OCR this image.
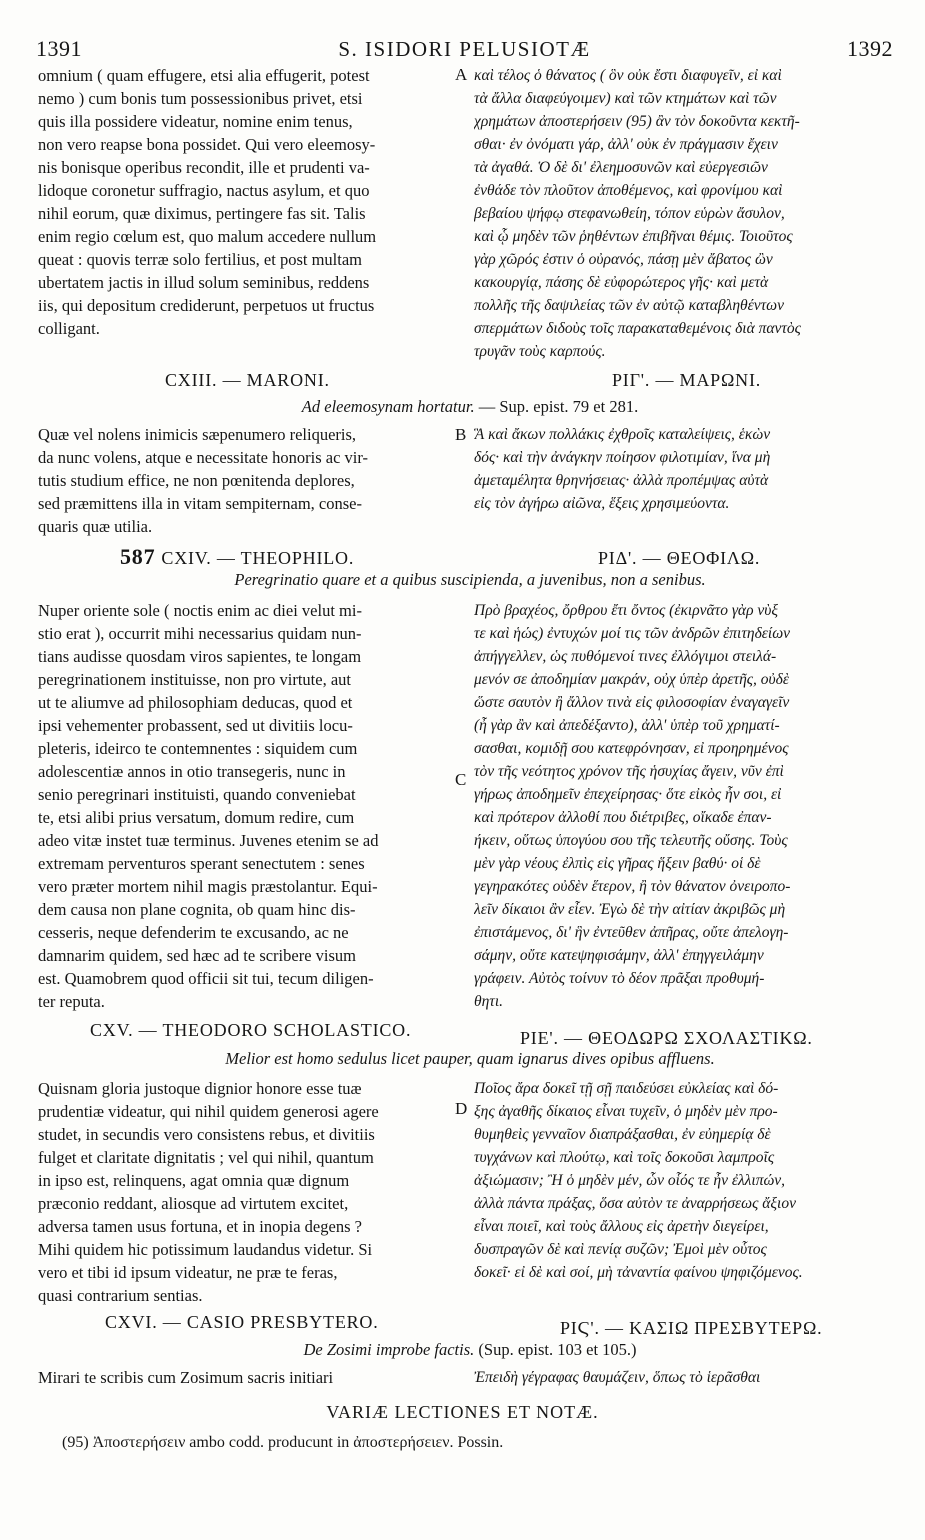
1391	S. ISIDORI PELUSIOTÆ	1392
omnium ( quam effugere, etsi alia effugerit, potest
nemo ) cum bonis tum possessionibus privet, etsi
quis illa possidere videatur, nomine enim tenus,
non vero reapse bona possidet. Qui vero eleemosy-
nis bonisque operibus recondit, ille et prudenti va-
lidoque coronetur suffragio, nactus asylum, et quo
nihil eorum, quæ diximus, pertingere fas sit. Talis
enim regio cœlum est, quo malum accedere nullum
queat : quovis terræ solo fertilius, et post multam
ubertatem jactis in illud solum seminibus, reddens
iis, qui depositum crediderunt, perpetuos ut fructus
colligant.
καὶ τέλος ὁ θάνατος ( ὃν οὐκ ἔστι διαφυγεῖν, εἰ καὶ
τὰ ἄλλα διαφεύγοιμεν) καὶ τῶν κτημάτων καὶ τῶν
χρημάτων ἀποστερήσειν (95) ἂν τὸν δοκοῦντα κεκτῆ-
σθαι· ἐν ὀνόματι γάρ, ἀλλ' οὐκ ἐν πράγμασιν ἔχειν
τὰ ἀγαθά. Ὁ δὲ δι' ἐλεημοσυνῶν καὶ εὐεργεσιῶν
ἐνθάδε τὸν πλοῦτον ἀποθέμενος, καὶ φρονίμου καὶ
βεβαίου ψήφῳ στεφανωθείη, τόπον εὑρὼν ἄσυλον,
καὶ ᾧ μηδὲν τῶν ῥηθέντων ἐπιβῆναι θέμις. Τοιοῦτος
γὰρ χῶρός ἐστιν ὁ οὐρανός, πάσῃ μὲν ἄβατος ὢν
κακουργίᾳ, πάσης δὲ εὐφορώτερος γῆς· καὶ μετὰ
πολλῆς τῆς δαψιλείας τῶν ἐν αὐτῷ καταβληθέντων
σπερμάτων διδοὺς τοῖς παρακαταθεμένοις διὰ παντὸς
τρυγᾶν τοὺς καρπούς.
A
CXIII. — MARONI.	ΡΙΓ'. — ΜΑΡΩΝΙ.
Ad eleemosynam hortatur. — Sup. epist. 79 et 281.
Quæ vel nolens inimicis sæpenumero reliqueris,
da nunc volens, atque e necessitate honoris ac vir-
tutis studium effice, ne non pœnitenda deplores,
sed præmittens illa in vitam sempiternam, conse-
quaris quæ utilia.
Ἃ καὶ ἄκων πολλάκις ἐχθροῖς καταλείψεις, ἑκὼν
δός· καὶ τὴν ἀνάγκην ποίησον φιλοτιμίαν, ἵνα μὴ
ἀμεταμέλητα θρηνήσειας· ἀλλὰ προπέμψας αὐτὰ
εἰς τὸν ἀγήρω αἰῶνα, ἕξεις χρησιμεύοντα.
B
587 CXIV. — THEOPHILO.	ΡΙΔ'. — ΘΕΟΦΙΛΩ.
Peregrinatio quare et a quibus suscipienda, a juvenibus, non a senibus.
Nuper oriente sole ( noctis enim ac diei velut mi-
stio erat ), occurrit mihi necessarius quidam nun-
tians audisse quosdam viros sapientes, te longam
peregrinationem instituisse, non pro virtute, aut
ut te aliumve ad philosophiam deducas, quod et
ipsi vehementer probassent, sed ut divitiis locu-
pleteris, ideirco te contemnentes : siquidem cum
adolescentiæ annos in otio transegeris, nunc in
senio peregrinari instituisti, quando conveniebat
te, etsi alibi prius versatum, domum redire, cum
adeo vitæ instet tuæ terminus. Juvenes etenim se ad
extremam perventuros sperant senectutem : senes
vero præter mortem nihil magis præstolantur. Equi-
dem causa non plane cognita, ob quam hinc dis-
cesseris, neque defenderim te excusando, ac ne
damnarim quidem, sed hæc ad te scribere visum
est. Quamobrem quod officii sit tui, tecum diligen-
ter reputa.
Πρὸ βραχέος, ὄρθρου ἔτι ὄντος (ἐκιρνᾶτο γὰρ νὺξ
τε καὶ ἡώς) ἐντυχών μοί τις τῶν ἀνδρῶν ἐπιτηδείων
ἀπήγγελλεν, ὡς πυθόμενοί τινες ἐλλόγιμοι στειλά-
μενόν σε ἀποδημίαν μακράν, οὐχ ὑπὲρ ἀρετῆς, οὐδὲ
ὥστε σαυτὸν ἢ ἄλλον τινὰ εἰς φιλοσοφίαν ἐναγαγεῖν
(ἦ γὰρ ἂν καὶ ἀπεδέξαντο), ἀλλ' ὑπὲρ τοῦ χρηματί-
σασθαι, κομιδῇ σου κατεφρόνησαν, εἰ προηρημένος
τὸν τῆς νεότητος χρόνον τῆς ἡσυχίας ἄγειν, νῦν ἐπὶ
γήρως ἀποδημεῖν ἐπεχείρησας· ὅτε εἰκὸς ἦν σοι, εἰ
καὶ πρότερον ἀλλοθί που διέτριβες, οἴκαδε ἐπαν-
ήκειν, οὕτως ὑπογύου σου τῆς τελευτῆς οὔσης. Τοὺς
μὲν γὰρ νέους ἐλπὶς εἰς γῆρας ἥξειν βαθύ· οἱ δὲ
γεγηρακότες οὐδὲν ἕτερον, ἢ τὸν θάνατον ὀνειροπο-
λεῖν δίκαιοι ἂν εἶεν. Ἐγὼ δὲ τὴν αἰτίαν ἀκριβῶς μὴ
ἐπιστάμενος, δι' ἣν ἐντεῦθεν ἀπῆρας, οὔτε ἀπελογη-
σάμην, οὔτε κατεψηφισάμην, ἀλλ' ἐπηγγειλάμην
γράφειν. Αὐτὸς τοίνυν τὸ δέον πρᾶξαι προθυμή-
θητι.
C
CXV. — THEODORO SCHOLASTICO.	ΡΙΕ'. — ΘΕΟΔΩΡΩ ΣΧΟΛΑΣΤΙΚΩ.
Melior est homo sedulus licet pauper, quam ignarus dives opibus affluens.
Quisnam gloria justoque dignior honore esse tuæ
prudentiæ videatur, qui nihil quidem generosi agere
studet, in secundis vero consistens rebus, et divitiis
fulget et claritate dignitatis ; vel qui nihil, quantum
in ipso est, relinquens, agat omnia quæ dignum
præconio reddant, aliosque ad virtutem excitet,
adversa tamen usus fortuna, et in inopia degens ?
Mihi quidem hic potissimum laudandus videtur. Si
vero et tibi id ipsum videatur, ne præ te feras,
quasi contrarium sentias.
Ποῖος ἄρα δοκεῖ τῇ σῇ παιδεύσει εὐκλείας καὶ δό-
ξης ἀγαθῆς δίκαιος εἶναι τυχεῖν, ὁ μηδὲν μὲν προ-
θυμηθεὶς γενναῖον διαπράξασθαι, ἐν εὐημερίᾳ δὲ
τυγχάνων καὶ πλούτῳ, καὶ τοῖς δοκοῦσι λαμπροῖς
ἀξιώμασιν; Ἢ ὁ μηδὲν μέν, ὧν οἷός τε ἦν ἐλλιπών,
ἀλλὰ πάντα πράξας, ὅσα αὐτὸν τε ἀναρρήσεως ἄξιον
εἶναι ποιεῖ, καὶ τοὺς ἄλλους εἰς ἀρετὴν διεγείρει,
δυσπραγῶν δὲ καὶ πενίᾳ συζῶν; Ἐμοὶ μὲν οὗτος
δοκεῖ· εἰ δὲ καὶ σοί, μὴ τἀναντία φαίνου ψηφιζόμενος.
D
CXVI. — CASIO PRESBYTERO.	ΡΙϚ'. — ΚΑΣΙΩ ΠΡΕΣΒΥΤΕΡΩ.
De Zosimi improbe factis. (Sup. epist. 103 et 105.)
Mirari te scribis cum Zosimum sacris initiari	Ἐπειδὴ γέγραφας θαυμάζειν, ὅπως τὸ ἱερᾶσθαι
VARIÆ LECTIONES ET NOTÆ.
(95) Ἀποστερήσειν ambo codd. producunt in ἀποστερήσειεν. Possin.
